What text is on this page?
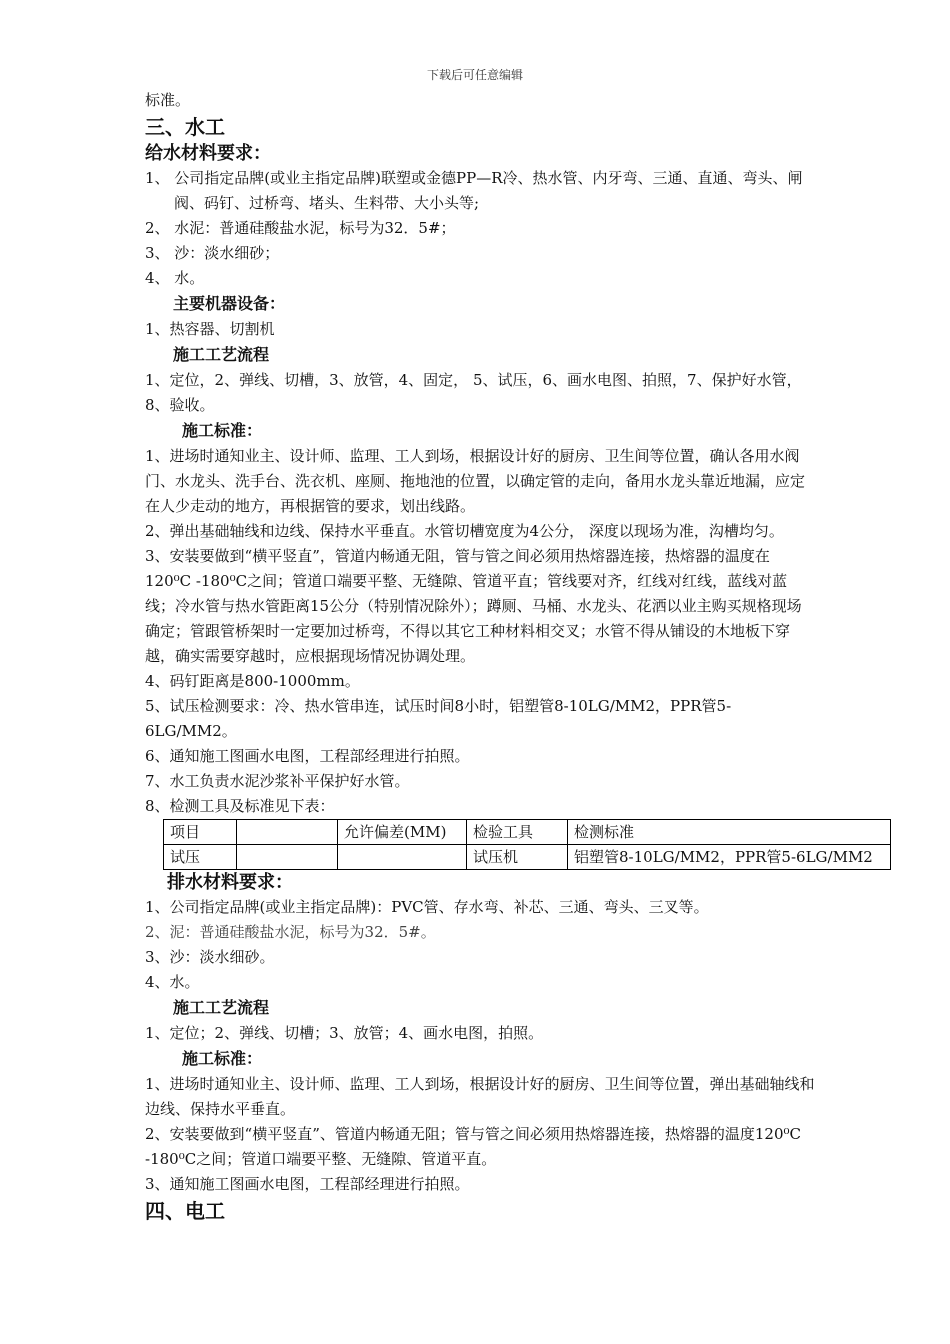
下载后可任意编辑

标准。

三、水工

给水材料要求：

1、 公司指定品牌(或业主指定品牌)联塑或金德PP—R冷、热水管、内牙弯、三通、直通、弯头、闸阀、码钉、过桥弯、堵头、生料带、大小头等;

2、 水泥：普通硅酸盐水泥，标号为32．5#；

3、 沙：淡水细砂；

4、 水。

主要机器设备：

1、热容器、切割机

施工工艺流程

1、定位，2、弹线、切槽，3、放管，4、固定， 5、试压，6、画水电图、拍照，7、保护好水管，8、验收。

施工标准：

1、进场时通知业主、设计师、监理、工人到场，根据设计好的厨房、卫生间等位置，确认各用水阀门、水龙头、洗手台、洗衣机、座厕、拖地池的位置，以确定管的走向，备用水龙头靠近地漏，应定在人少走动的地方，再根据管的要求，划出线路。

2、弹出基础轴线和边线、保持水平垂直。水管切槽宽度为4公分， 深度以现场为准，沟槽均匀。

3、安装要做到“横平竖直”，管道内畅通无阻，管与管之间必须用热熔器连接，热熔器的温度在120⁰C -180⁰C之间；管道口端要平整、无缝隙、管道平直；管线要对齐，红线对红线，蓝线对蓝线；冷水管与热水管距离15公分（特别情况除外）；蹲厕、马桶、水龙头、花洒以业主购买规格现场确定；管跟管桥架时一定要加过桥弯，不得以其它工种材料相交叉；水管不得从铺设的木地板下穿越，确实需要穿越时，应根据现场情况协调处理。

4、码钉距离是800-1000mm。

5、试压检测要求：冷、热水管串连，试压时间8小时，铝塑管8-10LG/MM2，PPR管5-6LG/MM2。

6、通知施工图画水电图，工程部经理进行拍照。

7、水工负责水泥沙浆补平保护好水管。

8、检测工具及标准见下表：

项目		允许偏差(MM)	检验工具	检测标准
试压			试压机	铝塑管8-10LG/MM2，PPR管5-6LG/MM2

排水材料要求：

1、公司指定品牌(或业主指定品牌)：PVC管、存水弯、补芯、三通、弯头、三叉等。

2、泥：普通硅酸盐水泥，标号为32．5#。

3、沙：淡水细砂。

4、水。

施工工艺流程

1、定位；2、弹线、切槽；3、放管；4、画水电图，拍照。

施工标准：

1、进场时通知业主、设计师、监理、工人到场，根据设计好的厨房、卫生间等位置，弹出基础轴线和边线、保持水平垂直。

2、安装要做到“横平竖直”、管道内畅通无阻；管与管之间必须用热熔器连接，热熔器的温度120⁰C -180⁰C之间；管道口端要平整、无缝隙、管道平直。

3、通知施工图画水电图，工程部经理进行拍照。

四、电工
